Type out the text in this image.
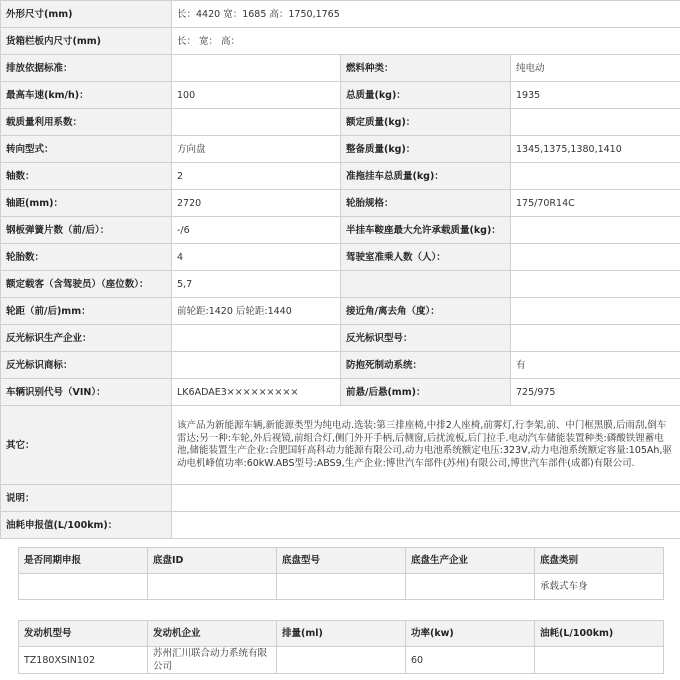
外形尺寸(mm)	长：4420 宽：1685 高：1750,1765		
货箱栏板内尺寸(mm)	长： 宽： 高：		
排放依据标准：		燃料种类：	纯电动
最高车速(km/h)：	100	总质量(kg)：	1935
载质量利用系数：		额定质量(kg)：	
转向型式：	方向盘	整备质量(kg)：	1345,1375,1380,1410
轴数：	2	准拖挂车总质量(kg)：	
轴距(mm)：	2720	轮胎规格：	175/70R14C
钢板弹簧片数（前/后）：	-/6	半挂车鞍座最大允许承载质量(kg)：	
轮胎数：	4	驾驶室准乘人数（人）：	
额定载客（含驾驶员）（座位数）：	5,7		
轮距（前/后)mm：	前轮距:1420 后轮距:1440	接近角/离去角（度）：	
反光标识生产企业：		反光标识型号：	
反光标识商标：		防抱死制动系统：	有
车辆识别代号（VIN）：	LK6ADAE3×××××××××	前悬/后悬(mm)：	725/975
其它：	该产品为新能源车辆,新能源类型为纯电动.选装:第三排座椅,中排2人座椅,前雾灯,行李架,前、中门框黑膜,后雨刮,倒车雷达;另一种:车轮,外后视镜,前组合灯,侧门外开手柄,后侧窗,后扰流板,后门拉手.电动汽车储能装置种类:磷酸铁锂蓄电池,储能装置生产企业:合肥国轩高科动力能源有限公司,动力电池系统额定电压:323V,动力电池系统额定容量:105Ah,驱动电机峰值功率:60kW.ABS型号:ABS9,生产企业:博世汽车部件(苏州)有限公司,博世汽车部件(成都)有限公司.		
说明：			
油耗申报值(L/100km)：			
是否同期申报	底盘ID	底盘型号	底盘生产企业	底盘类别
				承载式车身
发动机型号	发动机企业	排量(ml)	功率(kw)	油耗(L/100km)
TZ180XSIN102	苏州汇川联合动力系统有限公司		60	
